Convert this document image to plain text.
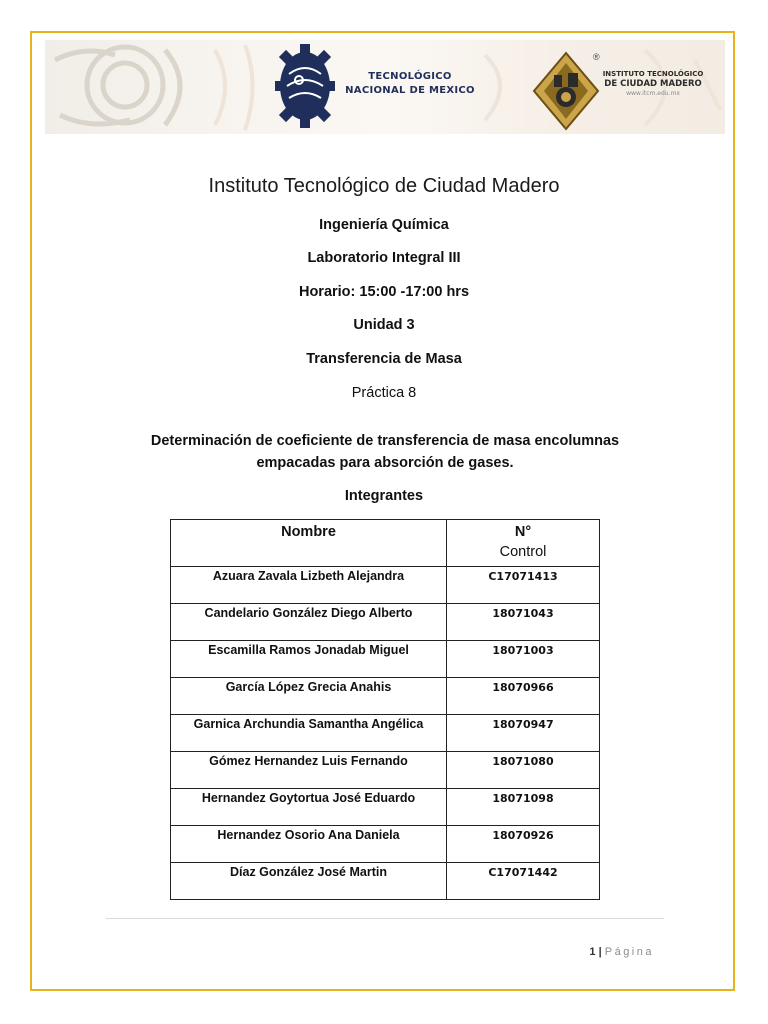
TECNOLÓGICO
NACIONAL DE MEXICO
®
INSTITUTO TECNOLÓGICO
DE CIUDAD MADERO
www.itcm.edu.mx
Instituto Tecnológico de Ciudad Madero
Ingeniería Química
Laboratorio Integral III
Horario: 15:00 -17:00 hrs
Unidad 3
Transferencia de Masa
Práctica 8
Determinación de coeficiente de transferencia de masa encolumnas empacadas para absorción de gases.
Integrantes
Nombre	N°
Control

Azuara Zavala Lizbeth Alejandra	C17071413
Candelario González Diego Alberto	18071043
Escamilla Ramos Jonadab Miguel	18071003
García López Grecia Anahis	18070966
Garnica Archundia Samantha Angélica	18070947
Gómez Hernandez Luis Fernando	18071080
Hernandez Goytortua José Eduardo	18071098
Hernandez Osorio Ana Daniela	18070926
Díaz González José Martin	C17071442
1 | Página
